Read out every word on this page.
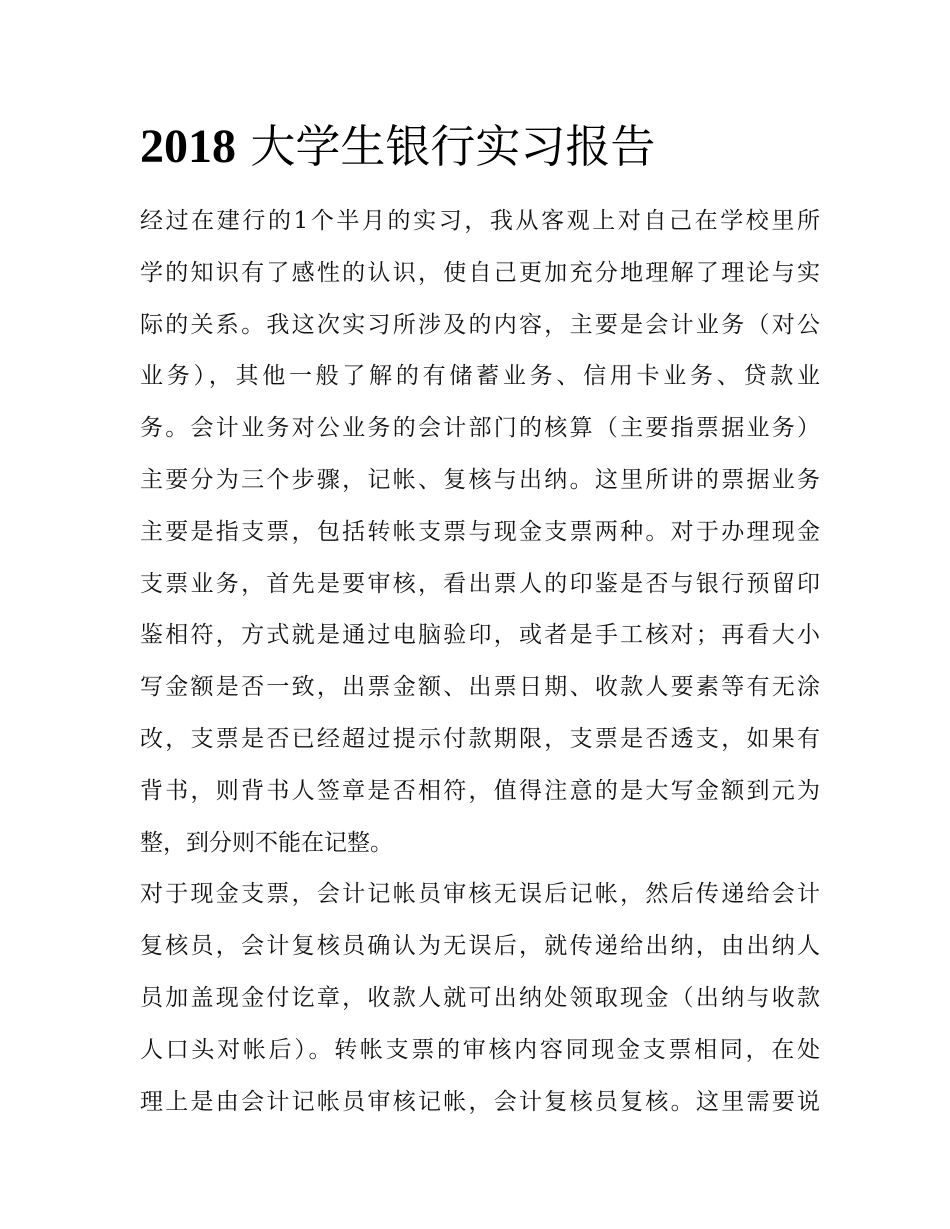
2018 大学生银行实习报告
经过在建行的1个半月的实习，我从客观上对自己在学校里所
学的知识有了感性的认识，使自己更加充分地理解了理论与实
际的关系。我这次实习所涉及的内容，主要是会计业务（对公
业务），其他一般了解的有储蓄业务、信用卡业务、贷款业
务。会计业务对公业务的会计部门的核算（主要指票据业务）
主要分为三个步骤，记帐、复核与出纳。这里所讲的票据业务
主要是指支票，包括转帐支票与现金支票两种。对于办理现金
支票业务，首先是要审核，看出票人的印鉴是否与银行预留印
鉴相符，方式就是通过电脑验印，或者是手工核对；再看大小
写金额是否一致，出票金额、出票日期、收款人要素等有无涂
改，支票是否已经超过提示付款期限，支票是否透支，如果有
背书，则背书人签章是否相符，值得注意的是大写金额到元为
整，到分则不能在记整。
对于现金支票，会计记帐员审核无误后记帐，然后传递给会计
复核员，会计复核员确认为无误后，就传递给出纳，由出纳人
员加盖现金付讫章，收款人就可出纳处领取现金（出纳与收款
人口头对帐后）。转帐支票的审核内容同现金支票相同，在处
理上是由会计记帐员审核记帐，会计复核员复核。这里需要说
